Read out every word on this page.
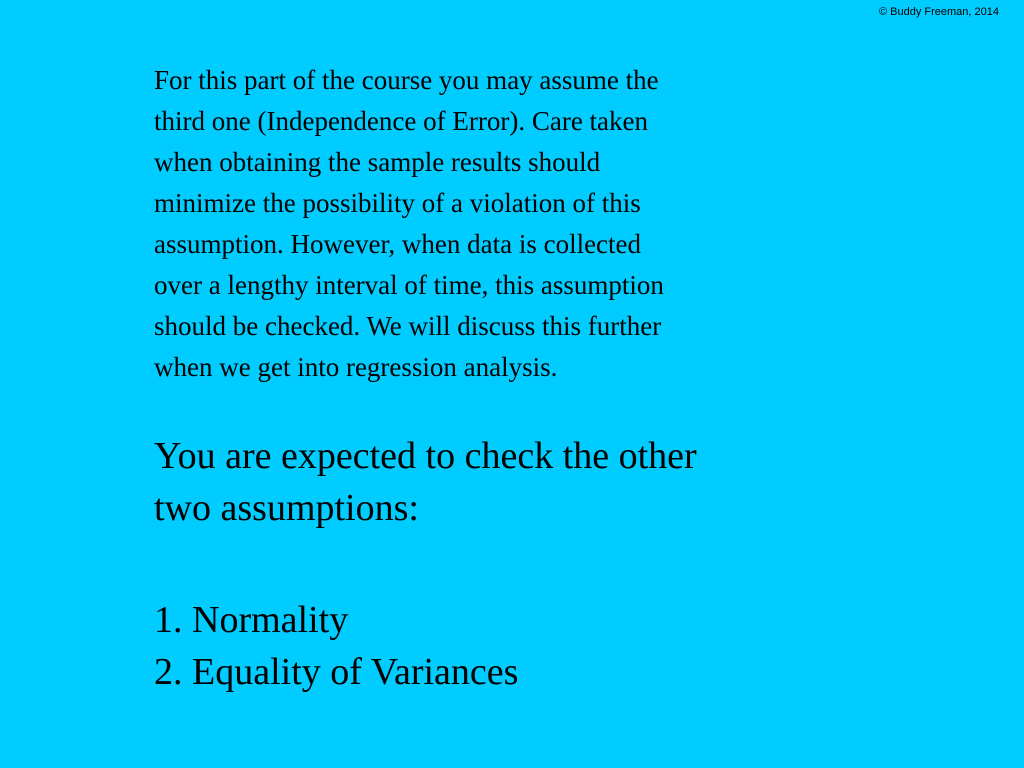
© Buddy Freeman, 2014

For this part of the course you may assume the
third one (Independence of Error). Care taken
when obtaining the sample results should
minimize the possibility of a violation of this
assumption. However, when data is collected
over a lengthy interval of time, this assumption
should be checked. We will discuss this further
when we get into regression analysis.

You are expected to check the other
two assumptions:

1. Normality
2. Equality of Variances
